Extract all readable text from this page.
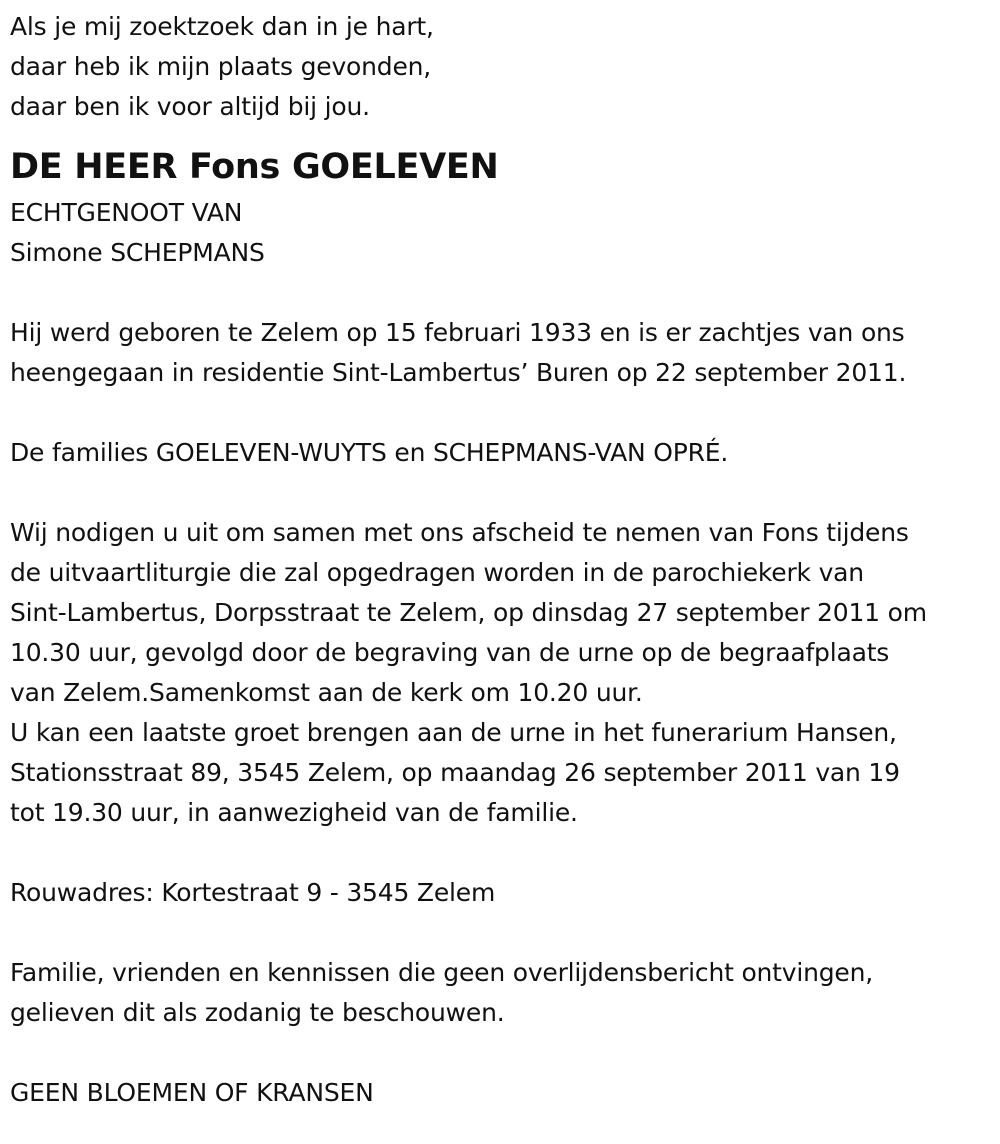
Als je mij zoektzoek dan in je hart,
daar heb ik mijn plaats gevonden,
daar ben ik voor altijd bij jou.
DE HEER Fons GOELEVEN
ECHTGENOOT VAN
Simone SCHEPMANS
Hij werd geboren te Zelem op 15 februari 1933 en is er zachtjes van ons
heengegaan in residentie Sint-Lambertus’ Buren op 22 september 2011.
De families GOELEVEN-WUYTS en SCHEPMANS-VAN OPRÉ.
Wij nodigen u uit om samen met ons afscheid te nemen van Fons tijdens
de uitvaartliturgie die zal opgedragen worden in de parochiekerk van
Sint-Lambertus, Dorpsstraat te Zelem, op dinsdag 27 september 2011 om
10.30 uur, gevolgd door de begraving van de urne op de begraafplaats
van Zelem.Samenkomst aan de kerk om 10.20 uur.
U kan een laatste groet brengen aan de urne in het funerarium Hansen,
Stationsstraat 89, 3545 Zelem, op maandag 26 september 2011 van 19
tot 19.30 uur, in aanwezigheid van de familie.
Rouwadres: Kortestraat 9 - 3545 Zelem
Familie, vrienden en kennissen die geen overlijdensbericht ontvingen,
gelieven dit als zodanig te beschouwen.
GEEN BLOEMEN OF KRANSEN
